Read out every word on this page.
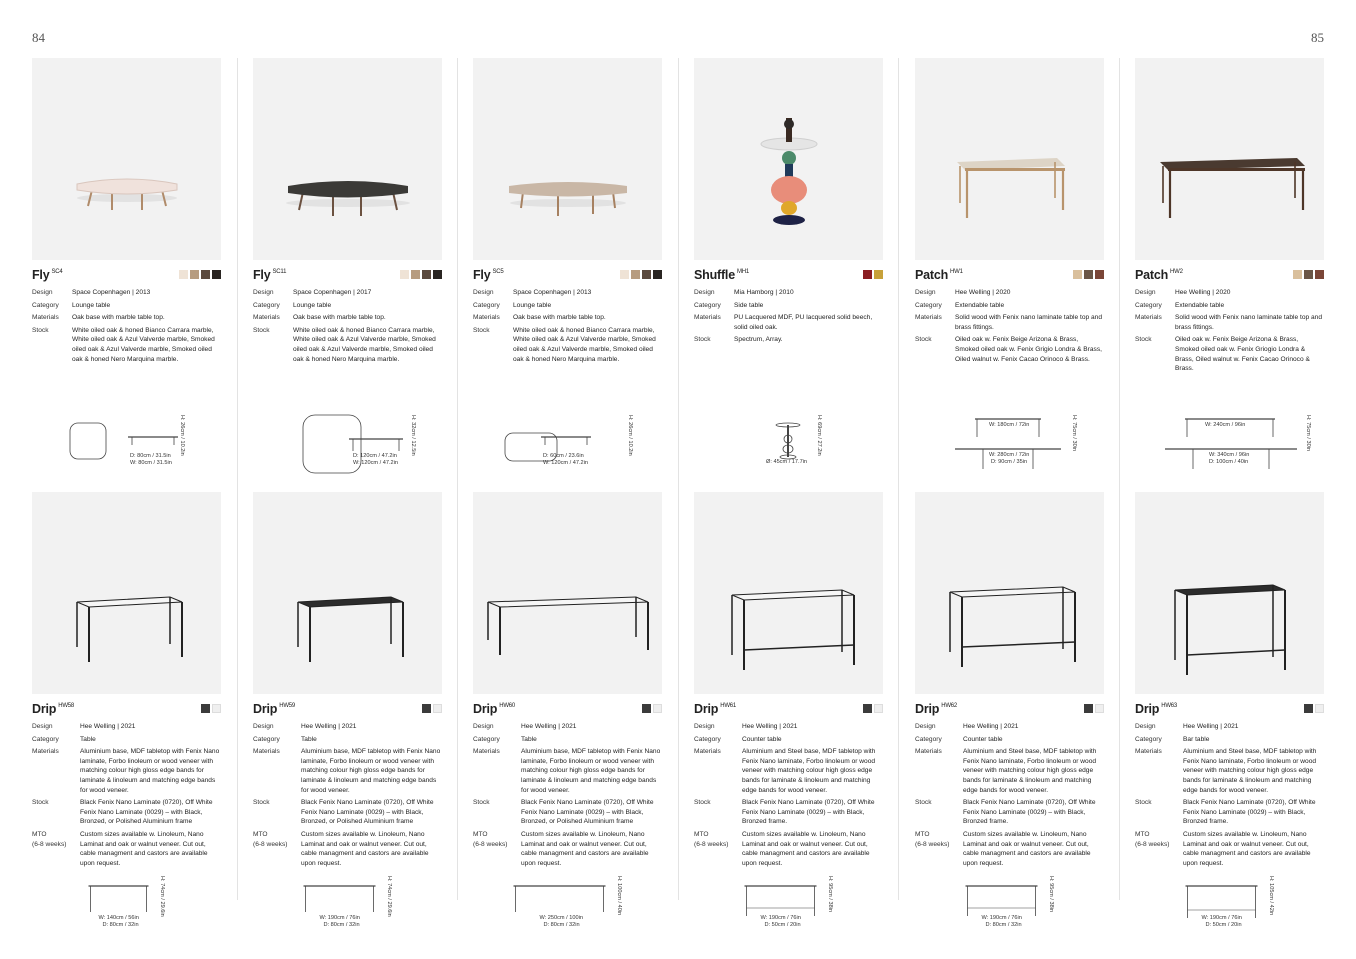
84	85
Fly $^{SC4}$
Design	Space Copenhagen | 2013
Category	Lounge table
Materials	Oak base with marble table top.
Stock	White oiled oak & honed Bianco Carrara marble, White oiled oak & Azul Valverde marble, Smoked oiled oak & Azul Valverde marble, Smoked oiled oak & honed Nero Marquina marble.
D: 80cm / 31.5in
W: 80cm / 31.5in
H: 26cm / 10.2in
Fly $^{SC11}$
Design	Space Copenhagen | 2017
Category	Lounge table
Materials	Oak base with marble table top.
Stock	White oiled oak & honed Bianco Carrara marble, White oiled oak & Azul Valverde marble, Smoked oiled oak & Azul Valverde marble, Smoked oiled oak & honed Nero Marquina marble.
D: 120cm / 47.2in
W: 120cm / 47.2in
H: 32cm / 12.5in
Fly $^{SC5}$
Design	Space Copenhagen | 2013
Category	Lounge table
Materials	Oak base with marble table top.
Stock	White oiled oak & honed Bianco Carrara marble, White oiled oak & Azul Valverde marble, Smoked oiled oak & Azul Valverde marble, Smoked oiled oak & honed Nero Marquina marble.
D: 60cm / 23.6in
W: 120cm / 47.2in
H: 26cm / 10.2in
Shuffle $^{MH1}$
Design	Mia Hamborg | 2010
Category	Side table
Materials	PU Lacquered MDF, PU lacquered solid beech, solid oiled oak.
Stock	Spectrum, Array.
Ø: 45cm / 17.7in
H: 69cm / 27.2in
Patch $^{HW1}$
Design	Hee Welling | 2020
Category	Extendable table
Materials	Solid wood with Fenix nano laminate table top and brass fittings.
Stock	Oiled oak w. Fenix Beige Arizona & Brass, Smoked oiled oak w. Fenix Grigio Londra & Brass, Oiled walnut w. Fenix Cacao Orinoco & Brass.
W: 180cm / 72in
W: 280cm / 72in
D: 90cm / 35in
H: 75cm / 30in
Patch $^{HW2}$
Design	Hee Welling | 2020
Category	Extendable table
Materials	Solid wood with Fenix nano laminate table top and brass fittings.
Stock	Oiled oak w. Fenix Beige Arizona & Brass, Smoked oiled oak w. Fenix Griogio Londra & Brass, Oiled walnut w. Fenix Cacao Orinoco & Brass.
W: 240cm / 96in
W: 340cm / 96in
D: 100cm / 40in
H: 75cm / 30in
Drip $^{HW58}$
Design	Hee Welling | 2021
Category	Table
Materials	Aluminium base, MDF tabletop with Fenix Nano laminate, Forbo linoleum or wood veneer with matching colour high gloss edge bands for laminate & linoleum and matching edge bands for wood veneer.
Stock	Black Fenix Nano Laminate (0720), Off White Fenix Nano Laminate (0029) – with Black, Bronzed, or Polished Aluminium frame
MTO
(6-8 weeks)	Custom sizes available w. Linoleum, Nano Laminat and oak or walnut veneer. Cut out, cable managment and castors are available upon request.
W: 140cm / 56in
D: 80cm / 32in
H: 74cm / 29.6in
Drip $^{HW59}$
Design	Hee Welling | 2021
Category	Table
Materials	Aluminium base, MDF tabletop with Fenix Nano laminate, Forbo linoleum or wood veneer with matching colour high gloss edge bands for laminate & linoleum and matching edge bands for wood veneer.
Stock	Black Fenix Nano Laminate (0720), Off White Fenix Nano Laminate (0029) – with Black, Bronzed, or Polished Aluminium frame
MTO
(6-8 weeks)	Custom sizes available w. Linoleum, Nano Laminat and oak or walnut veneer. Cut out, cable managment and castors are available upon request.
W: 190cm / 76in
D: 80cm / 32in
H: 74cm / 29.6in
Drip $^{HW60}$
Design	Hee Welling | 2021
Category	Table
Materials	Aluminium base, MDF tabletop with Fenix Nano laminate, Forbo linoleum or wood veneer with matching colour high gloss edge bands for laminate & linoleum and matching edge bands for wood veneer.
Stock	Black Fenix Nano Laminate (0720), Off White Fenix Nano Laminate (0029) – with Black, Bronzed, or Polished Aluminium frame
MTO
(6-8 weeks)	Custom sizes available w. Linoleum, Nano Laminat and oak or walnut veneer. Cut out, cable managment and castors are available upon request.
W: 250cm / 100in
D: 80cm / 32in
H: 100cm / 40in
Drip $^{HW61}$
Design	Hee Welling | 2021
Category	Counter table
Materials	Aluminium and Steel base, MDF tabletop with Fenix Nano laminate, Forbo linoleum or wood veneer with matching colour high gloss edge bands for laminate & linoleum and matching edge bands for wood veneer.
Stock	Black Fenix Nano Laminate (0720), Off White Fenix Nano Laminate (0029) – with Black, Bronzed frame.
MTO
(6-8 weeks)	Custom sizes available w. Linoleum, Nano Laminat and oak or walnut veneer. Cut out, cable managment and castors are available upon request.
W: 190cm / 76in
D: 50cm / 20in
H: 95cm / 38in
Drip $^{HW62}$
Design	Hee Welling | 2021
Category	Counter table
Materials	Aluminium and Steel base, MDF tabletop with Fenix Nano laminate, Forbo linoleum or wood veneer with matching colour high gloss edge bands for laminate & linoleum and matching edge bands for wood veneer.
Stock	Black Fenix Nano Laminate (0720), Off White Fenix Nano Laminate (0029) – with Black, Bronzed frame.
MTO
(6-8 weeks)	Custom sizes available w. Linoleum, Nano Laminat and oak or walnut veneer. Cut out, cable managment and castors are available upon request.
W: 190cm / 76in
D: 80cm / 32in
H: 95cm / 38in
Drip $^{HW63}$
Design	Hee Welling | 2021
Category	Bar table
Materials	Aluminium and Steel base, MDF tabletop with Fenix Nano laminate, Forbo linoleum or wood veneer with matching colour high gloss edge bands for laminate & linoleum and matching edge bands for wood veneer.
Stock	Black Fenix Nano Laminate (0720), Off White Fenix Nano Laminate (0029) – with Black, Bronzed frame.
MTO
(6-8 weeks)	Custom sizes available w. Linoleum, Nano Laminat and oak or walnut veneer. Cut out, cable managment and castors are available upon request.
W: 190cm / 76in
D: 50cm / 20in
H: 105cm / 42in
